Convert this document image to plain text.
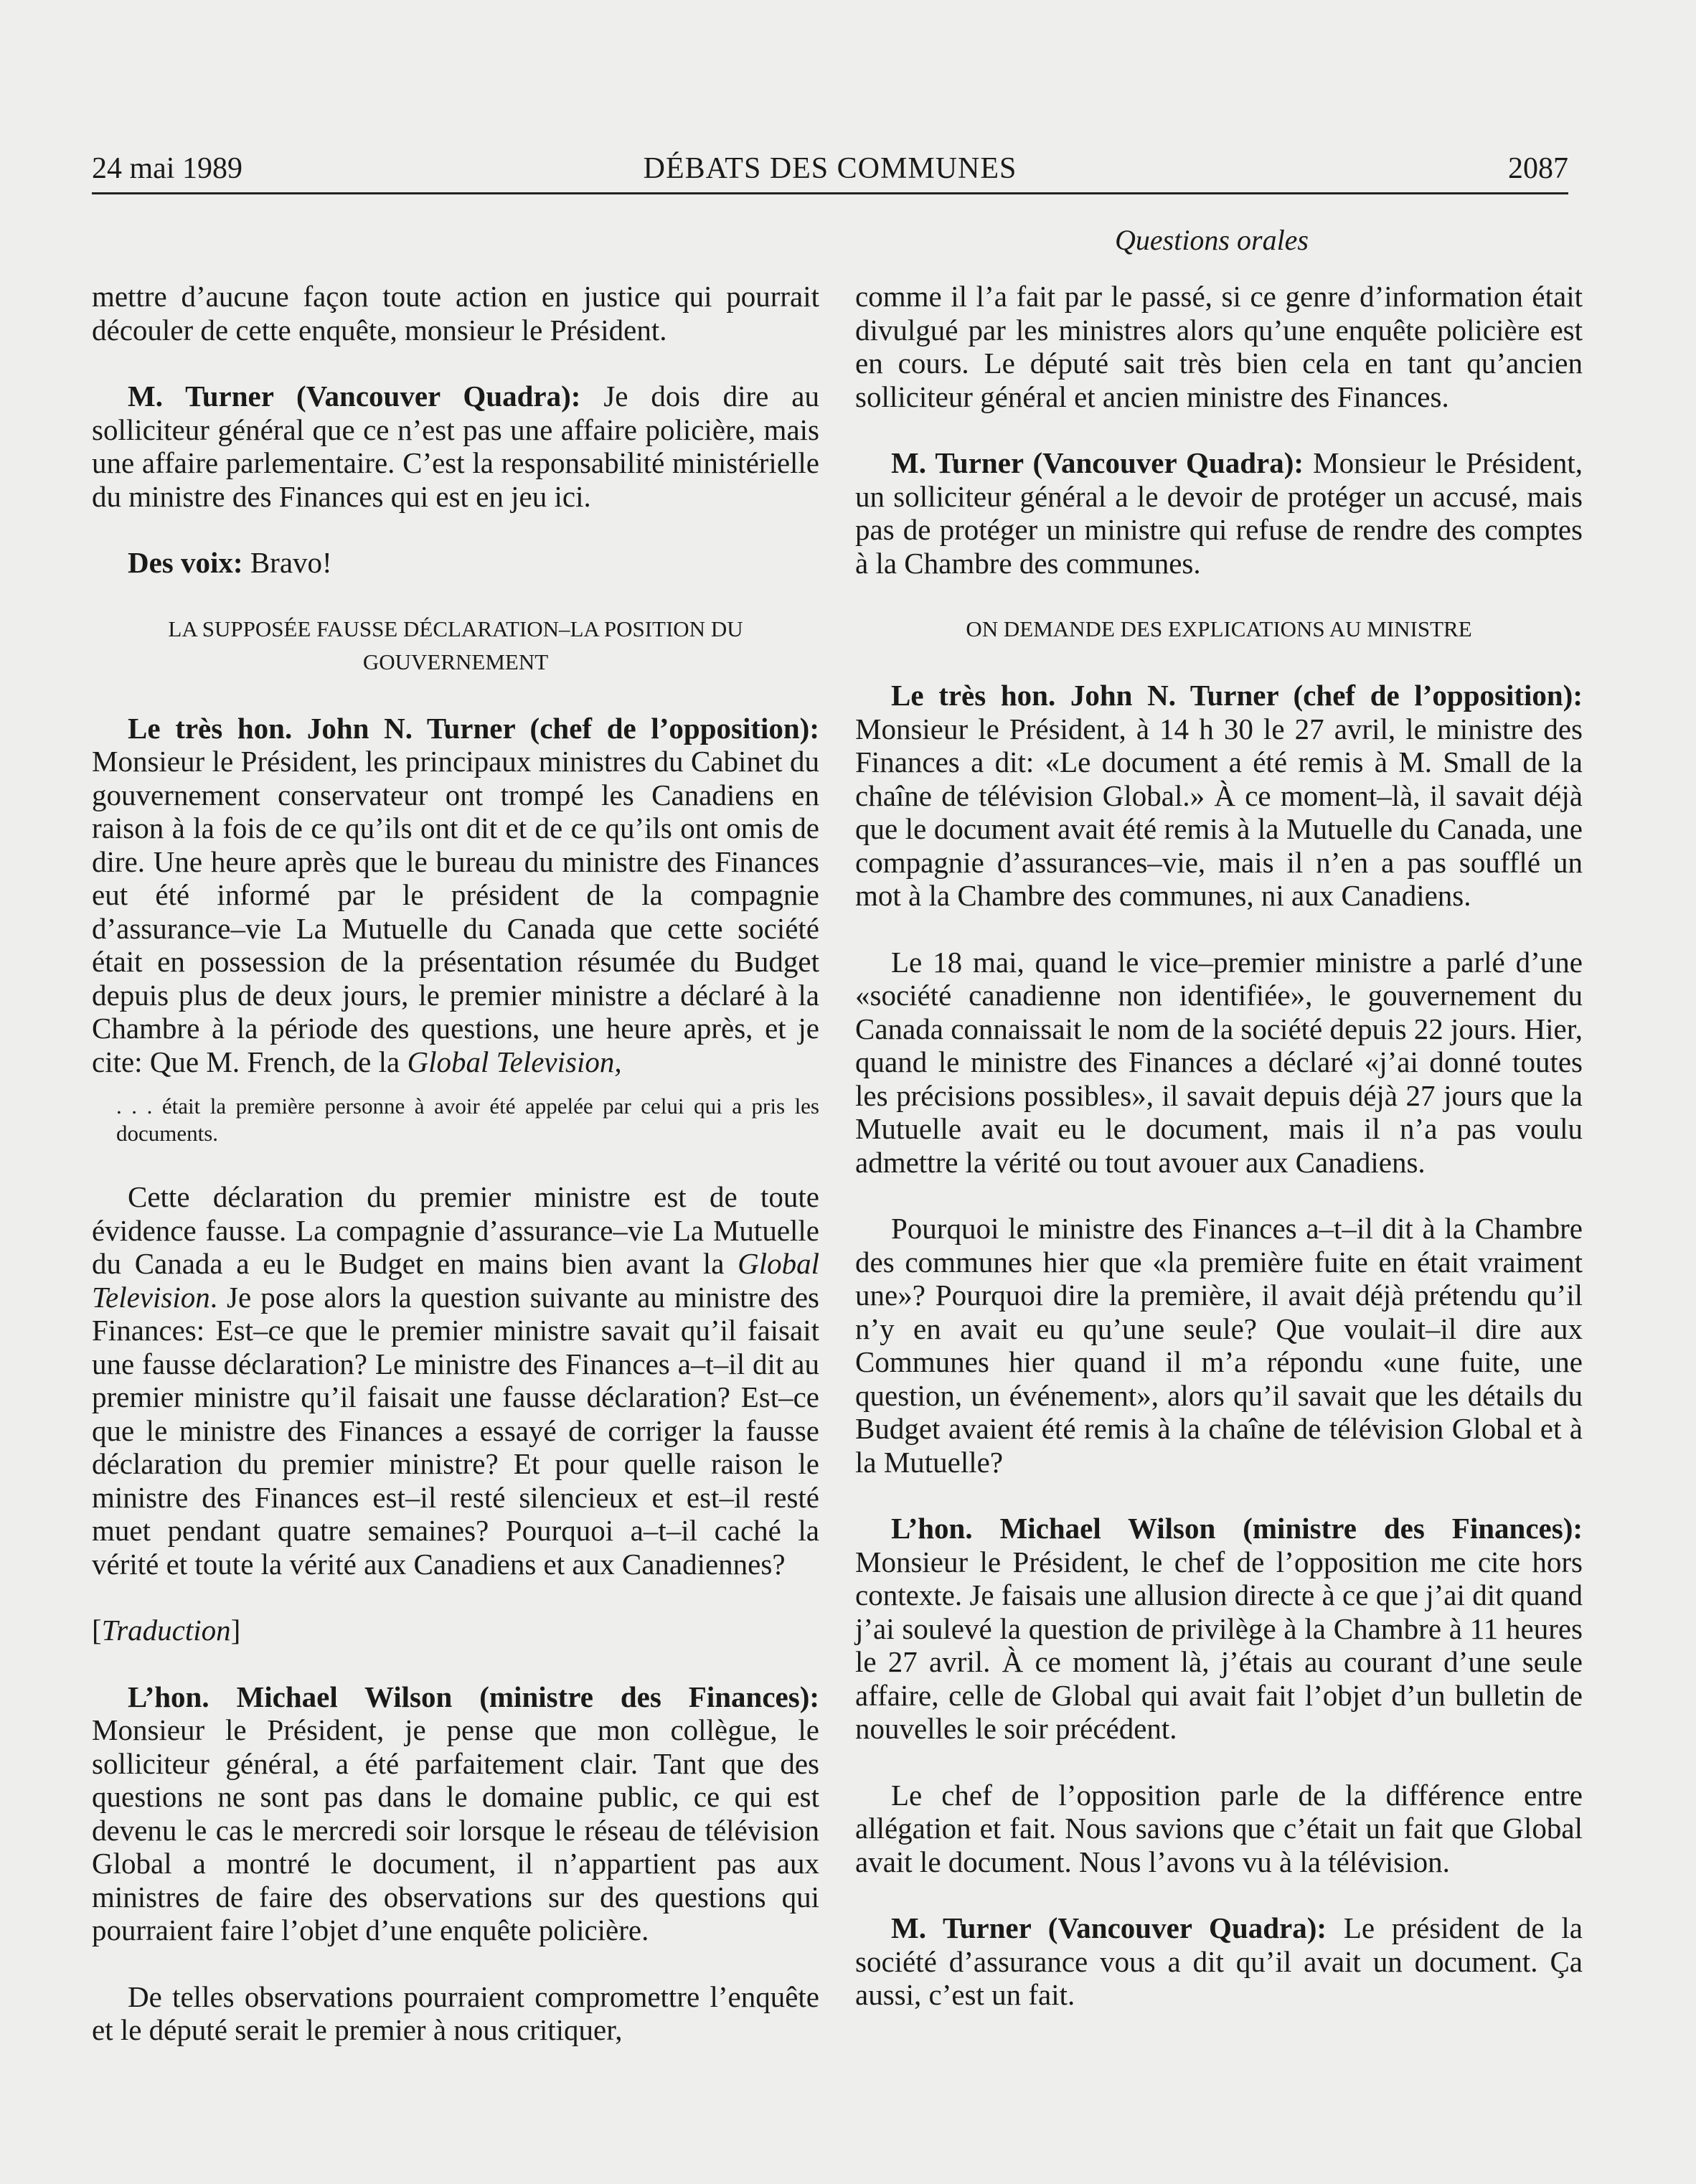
24 mai 1989	DÉBATS DES COMMUNES	2087
Questions orales

mettre d’aucune façon toute action en justice qui pourrait découler de cette enquête, monsieur le Président.

M. Turner (Vancouver Quadra): Je dois dire au solliciteur général que ce n’est pas une affaire policière, mais une affaire parlementaire. C’est la responsabilité ministérielle du ministre des Finances qui est en jeu ici.

Des voix: Bravo!

LA SUPPOSÉE FAUSSE DÉCLARATION–LA POSITION DU GOUVERNEMENT

Le très hon. John N. Turner (chef de l’opposition): Monsieur le Président, les principaux ministres du Cabinet du gouvernement conservateur ont trompé les Canadiens en raison à la fois de ce qu’ils ont dit et de ce qu’ils ont omis de dire. Une heure après que le bureau du ministre des Finances eut été informé par le président de la compagnie d’assurance–vie La Mutuelle du Canada que cette société était en possession de la présentation résumée du Budget depuis plus de deux jours, le premier ministre a déclaré à la Chambre à la période des questions, une heure après, et je cite: Que M. French, de la Global Television,

. . . était la première personne à avoir été appelée par celui qui a pris les documents.

Cette déclaration du premier ministre est de toute évidence fausse. La compagnie d’assurance–vie La Mutuelle du Canada a eu le Budget en mains bien avant la Global Television. Je pose alors la question suivante au ministre des Finances: Est–ce que le premier ministre savait qu’il faisait une fausse déclaration? Le ministre des Finances a–t–il dit au premier ministre qu’il faisait une fausse déclaration? Est–ce que le ministre des Finances a essayé de corriger la fausse déclaration du premier ministre? Et pour quelle raison le ministre des Finances est–il resté silencieux et est–il resté muet pendant quatre semaines? Pourquoi a–t–il caché la vérité et toute la vérité aux Canadiens et aux Canadiennes?

[Traduction]

L’hon. Michael Wilson (ministre des Finances): Monsieur le Président, je pense que mon collègue, le solliciteur général, a été parfaitement clair. Tant que des questions ne sont pas dans le domaine public, ce qui est devenu le cas le mercredi soir lorsque le réseau de télévision Global a montré le document, il n’appartient pas aux ministres de faire des observations sur des questions qui pourraient faire l’objet d’une enquête policière.

De telles observations pourraient compromettre l’enquête et le député serait le premier à nous critiquer,

comme il l’a fait par le passé, si ce genre d’information était divulgué par les ministres alors qu’une enquête policière est en cours. Le député sait très bien cela en tant qu’ancien solliciteur général et ancien ministre des Finances.

M. Turner (Vancouver Quadra): Monsieur le Président, un solliciteur général a le devoir de protéger un accusé, mais pas de protéger un ministre qui refuse de rendre des comptes à la Chambre des communes.

ON DEMANDE DES EXPLICATIONS AU MINISTRE

Le très hon. John N. Turner (chef de l’opposition): Monsieur le Président, à 14 h 30 le 27 avril, le ministre des Finances a dit: «Le document a été remis à M. Small de la chaîne de télévision Global.» À ce moment–là, il savait déjà que le document avait été remis à la Mutuelle du Canada, une compagnie d’assurances–vie, mais il n’en a pas soufflé un mot à la Chambre des communes, ni aux Canadiens.

Le 18 mai, quand le vice–premier ministre a parlé d’une «société canadienne non identifiée», le gouvernement du Canada connaissait le nom de la société depuis 22 jours. Hier, quand le ministre des Finances a déclaré «j’ai donné toutes les précisions possibles», il savait depuis déjà 27 jours que la Mutuelle avait eu le document, mais il n’a pas voulu admettre la vérité ou tout avouer aux Canadiens.

Pourquoi le ministre des Finances a–t–il dit à la Chambre des communes hier que «la première fuite en était vraiment une»? Pourquoi dire la première, il avait déjà prétendu qu’il n’y en avait eu qu’une seule? Que voulait–il dire aux Communes hier quand il m’a répondu «une fuite, une question, un événement», alors qu’il savait que les détails du Budget avaient été remis à la chaîne de télévision Global et à la Mutuelle?

L’hon. Michael Wilson (ministre des Finances): Monsieur le Président, le chef de l’opposition me cite hors contexte. Je faisais une allusion directe à ce que j’ai dit quand j’ai soulevé la question de privilège à la Chambre à 11 heures le 27 avril. À ce moment là, j’étais au courant d’une seule affaire, celle de Global qui avait fait l’objet d’un bulletin de nouvelles le soir précédent.

Le chef de l’opposition parle de la différence entre allégation et fait. Nous savions que c’était un fait que Global avait le document. Nous l’avons vu à la télévision.

M. Turner (Vancouver Quadra): Le président de la société d’assurance vous a dit qu’il avait un document. Ça aussi, c’est un fait.
